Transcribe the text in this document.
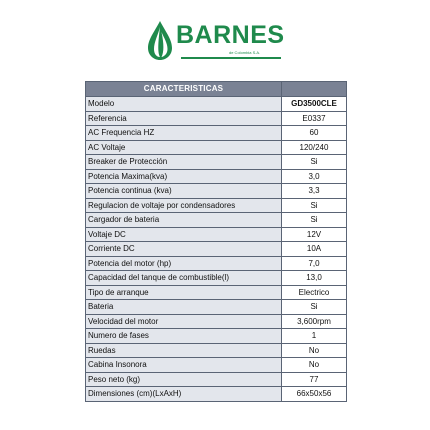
BARNES
de Colombia S.A.
CARACTERISTICAS	
Modelo	GD3500CLE
Referencia	E0337
AC Frequencia HZ	60
AC Voltaje	120/240
Breaker de Protección	Si
Potencia Maxima(kva)	3,0
Potencia continua (kva)	3,3
Regulacion de voltaje por condensadores	Si
Cargador de bateria	Si
Voltaje DC	12V
Corriente DC	10A
Potencia del motor (hp)	7,0
Capacidad del tanque de combustible(l)	13,0
Tipo de arranque	Electrico
Bateria	Si
Velocidad del motor	3,600rpm
Numero de fases	1
Ruedas	No
Cabina Insonora	No
Peso neto (kg)	77
Dimensiones (cm)(LxAxH)	66x50x56
